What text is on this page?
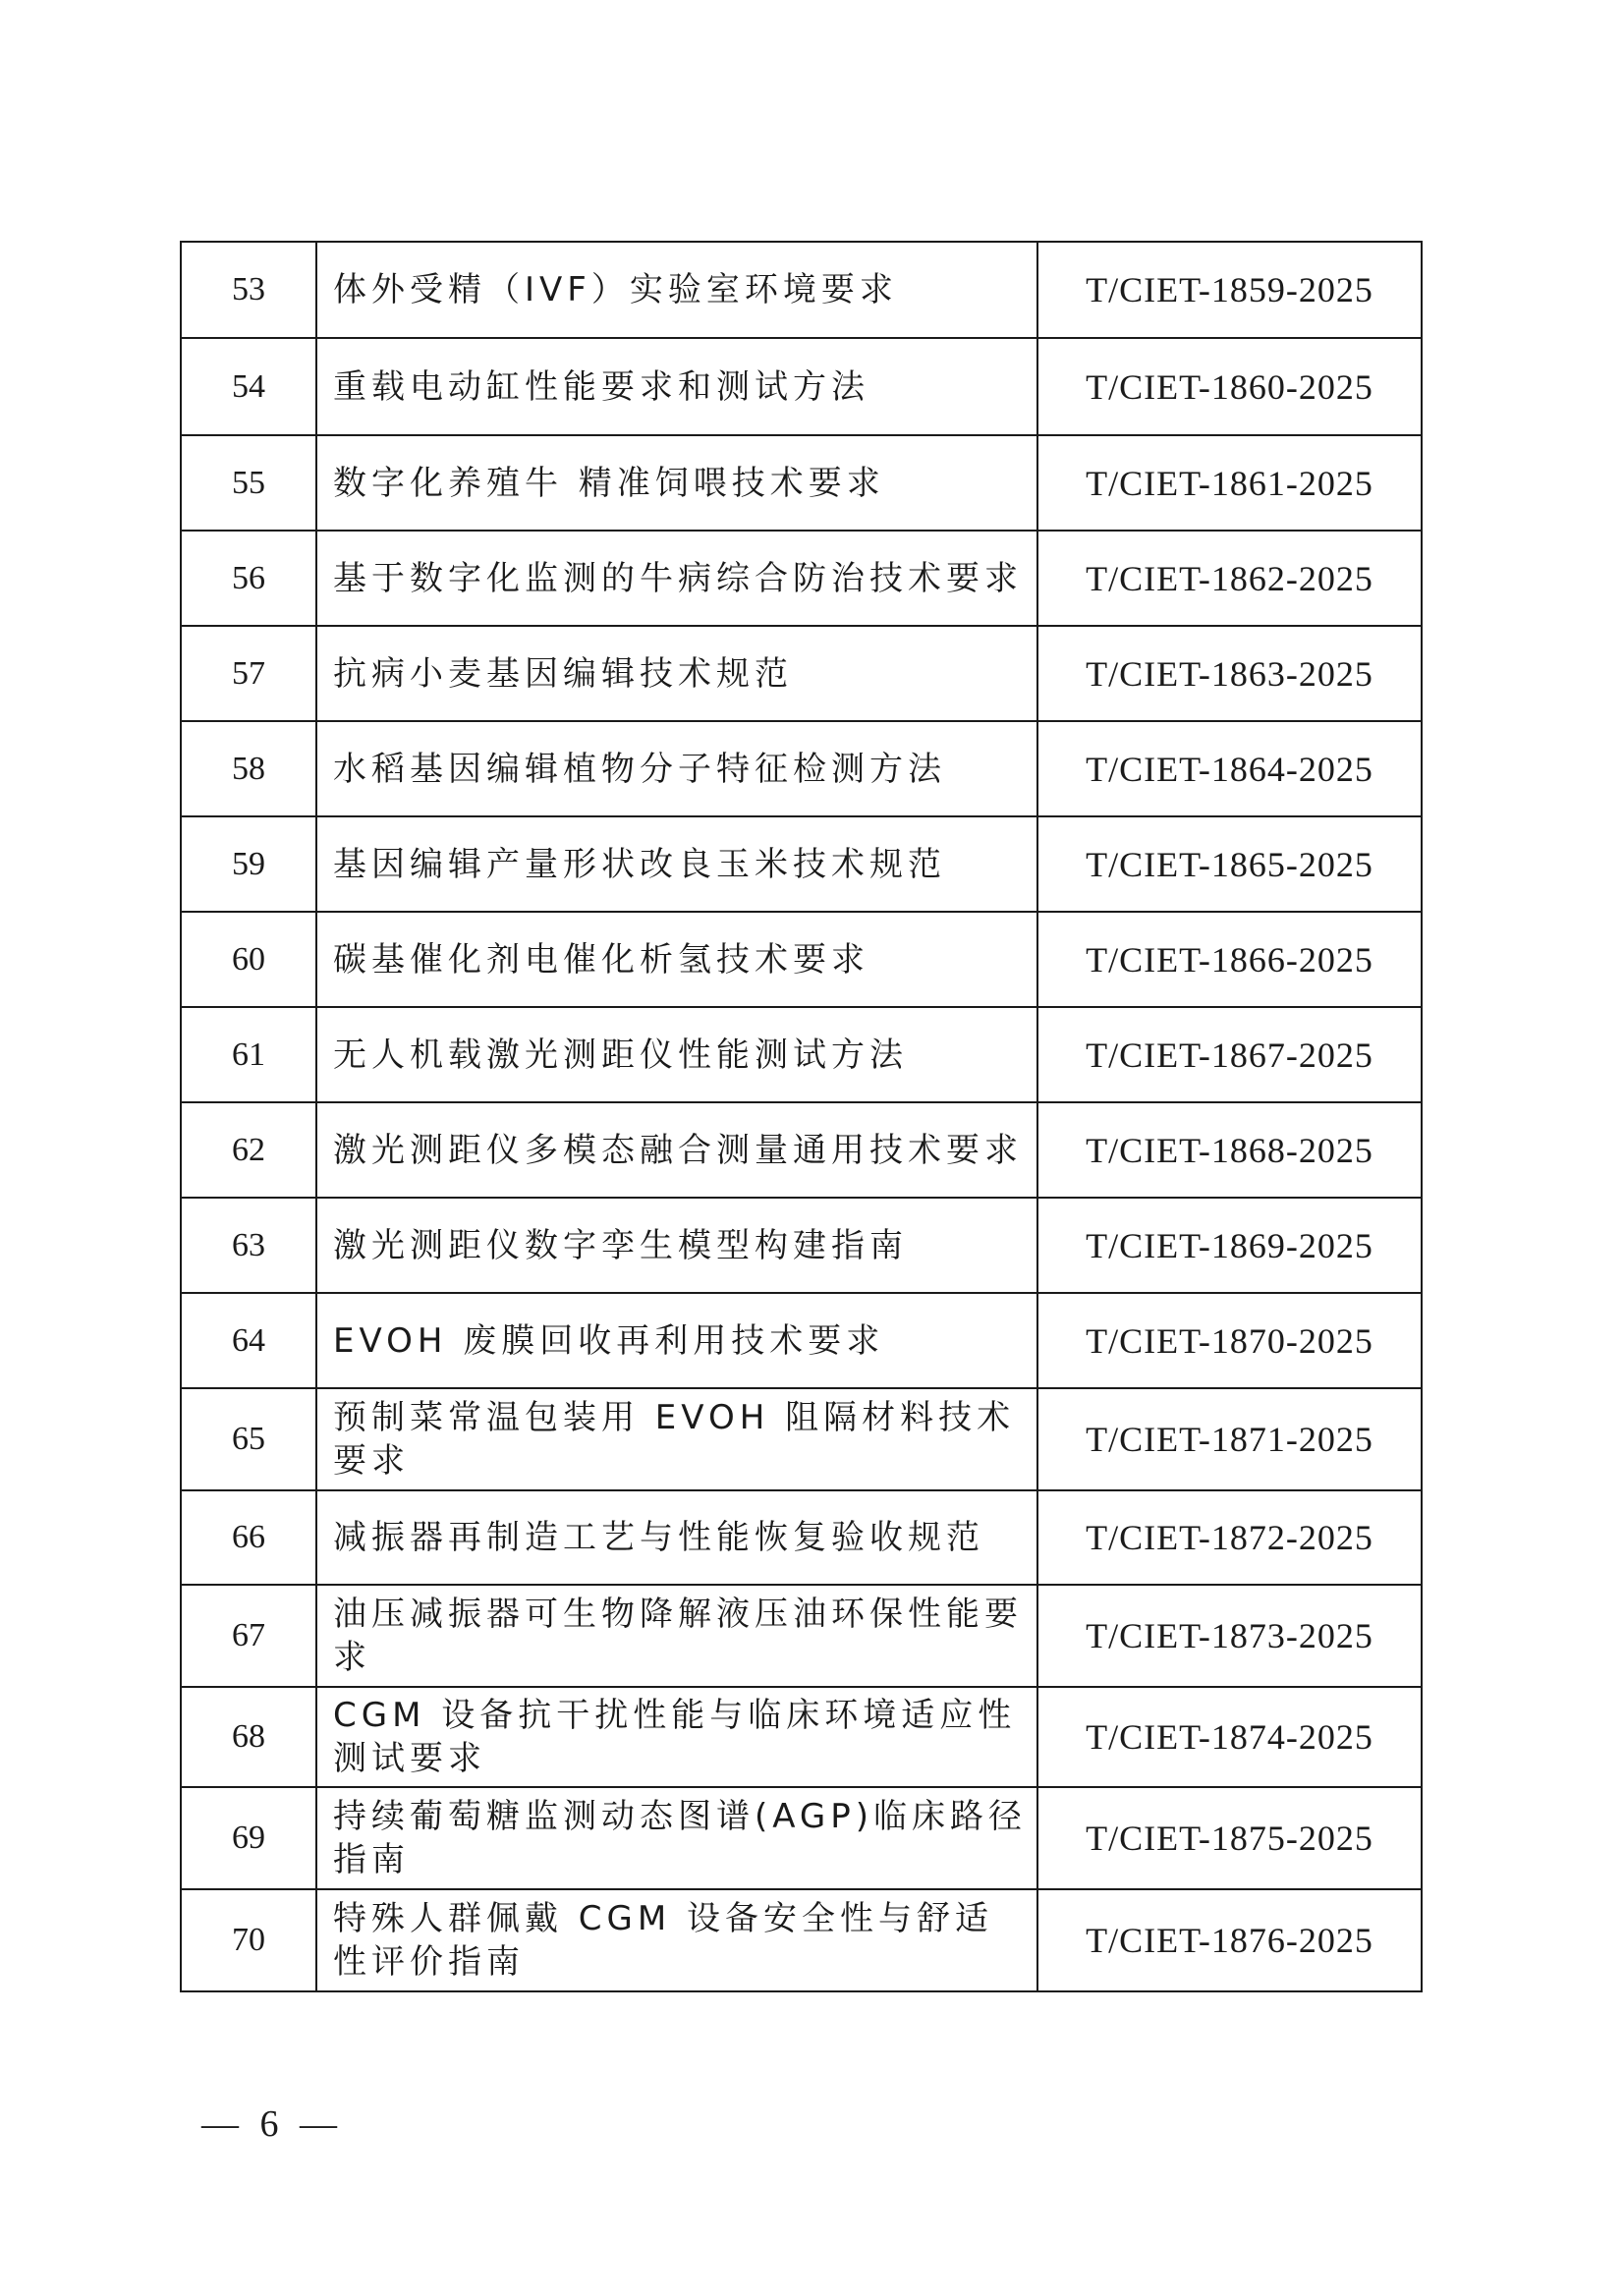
53	体外受精（IVF）实验室环境要求	T/CIET-1859-2025
54	重载电动缸性能要求和测试方法	T/CIET-1860-2025
55	数字化养殖牛 精准饲喂技术要求	T/CIET-1861-2025
56	基于数字化监测的牛病综合防治技术要求	T/CIET-1862-2025
57	抗病小麦基因编辑技术规范	T/CIET-1863-2025
58	水稻基因编辑植物分子特征检测方法	T/CIET-1864-2025
59	基因编辑产量形状改良玉米技术规范	T/CIET-1865-2025
60	碳基催化剂电催化析氢技术要求	T/CIET-1866-2025
61	无人机载激光测距仪性能测试方法	T/CIET-1867-2025
62	激光测距仪多模态融合测量通用技术要求	T/CIET-1868-2025
63	激光测距仪数字孪生模型构建指南	T/CIET-1869-2025
64	EVOH 废膜回收再利用技术要求	T/CIET-1870-2025
65	预制菜常温包装用 EVOH 阻隔材料技术要求	T/CIET-1871-2025
66	减振器再制造工艺与性能恢复验收规范	T/CIET-1872-2025
67	油压减振器可生物降解液压油环保性能要求	T/CIET-1873-2025
68	CGM 设备抗干扰性能与临床环境适应性测试要求	T/CIET-1874-2025
69	持续葡萄糖监测动态图谱(AGP)临床路径指南	T/CIET-1875-2025
70	特殊人群佩戴 CGM 设备安全性与舒适性评价指南	T/CIET-1876-2025
— 6 —
